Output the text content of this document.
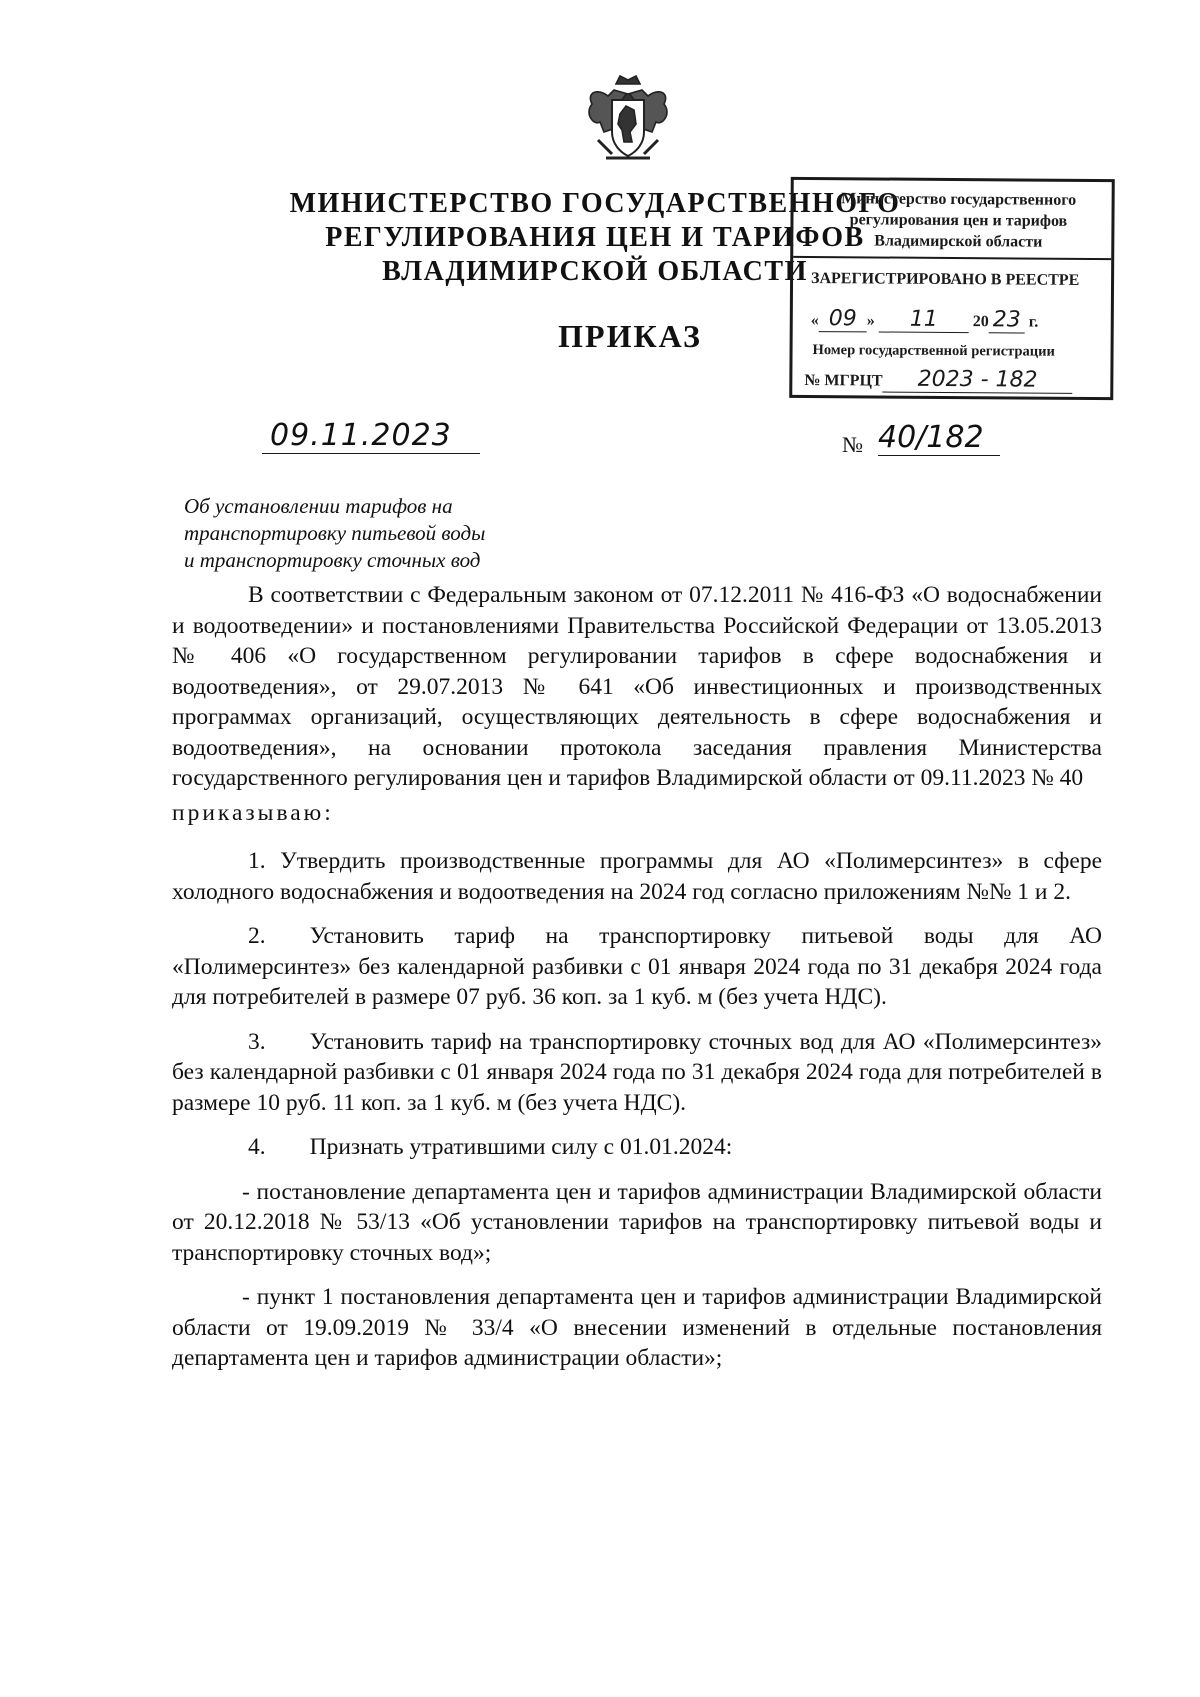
МИНИСТЕРСТВО ГОСУДАРСТВЕННОГО
РЕГУЛИРОВАНИЯ ЦЕН И ТАРИФОВ
ВЛАДИМИРСКОЙ ОБЛАСТИ
ПРИКАЗ
Министерство государственного
регулирования цен и тарифов
Владимирской области
ЗАРЕГИСТРИРОВАНО В РЕЕСТРЕ
« 09 » 11 20 23 г.
Номер государственной регистрации
№ МГРЦТ 2023 - 182
09.11.2023	№ 40/182
Об установлении тарифов на
транспортировку питьевой воды
и транспортировку сточных вод

В соответствии с Федеральным законом от 07.12.2011 № 416-ФЗ «О водоснабжении и водоотведении» и постановлениями Правительства Российской Федерации от 13.05.2013 № 406 «О государственном регулировании тарифов в сфере водоснабжения и водоотведения», от 29.07.2013 № 641 «Об инвестиционных и производственных программах организаций, осуществляющих деятельность в сфере водоснабжения и водоотведения», на основании протокола заседания правления Министерства государственного регулирования цен и тарифов Владимирской области от 09.11.2023 № 40

приказываю:

1. Утвердить производственные программы для АО «Полимерсинтез» в сфере холодного водоснабжения и водоотведения на 2024 год согласно приложениям №№ 1 и 2.

2. Установить тариф на транспортировку питьевой воды для АО «Полимерсинтез» без календарной разбивки с 01 января 2024 года по 31 декабря 2024 года для потребителей в размере 07 руб. 36 коп. за 1 куб. м (без учета НДС).

3. Установить тариф на транспортировку сточных вод для АО «Полимерсинтез» без календарной разбивки с 01 января 2024 года по 31 декабря 2024 года для потребителей в размере 10 руб. 11 коп. за 1 куб. м (без учета НДС).

4. Признать утратившими силу с 01.01.2024:

- постановление департамента цен и тарифов администрации Владимирской области от 20.12.2018 № 53/13 «Об установлении тарифов на транспортировку питьевой воды и транспортировку сточных вод»;

- пункт 1 постановления департамента цен и тарифов администрации Владимирской области от 19.09.2019 № 33/4 «О внесении изменений в отдельные постановления департамента цен и тарифов администрации области»;
